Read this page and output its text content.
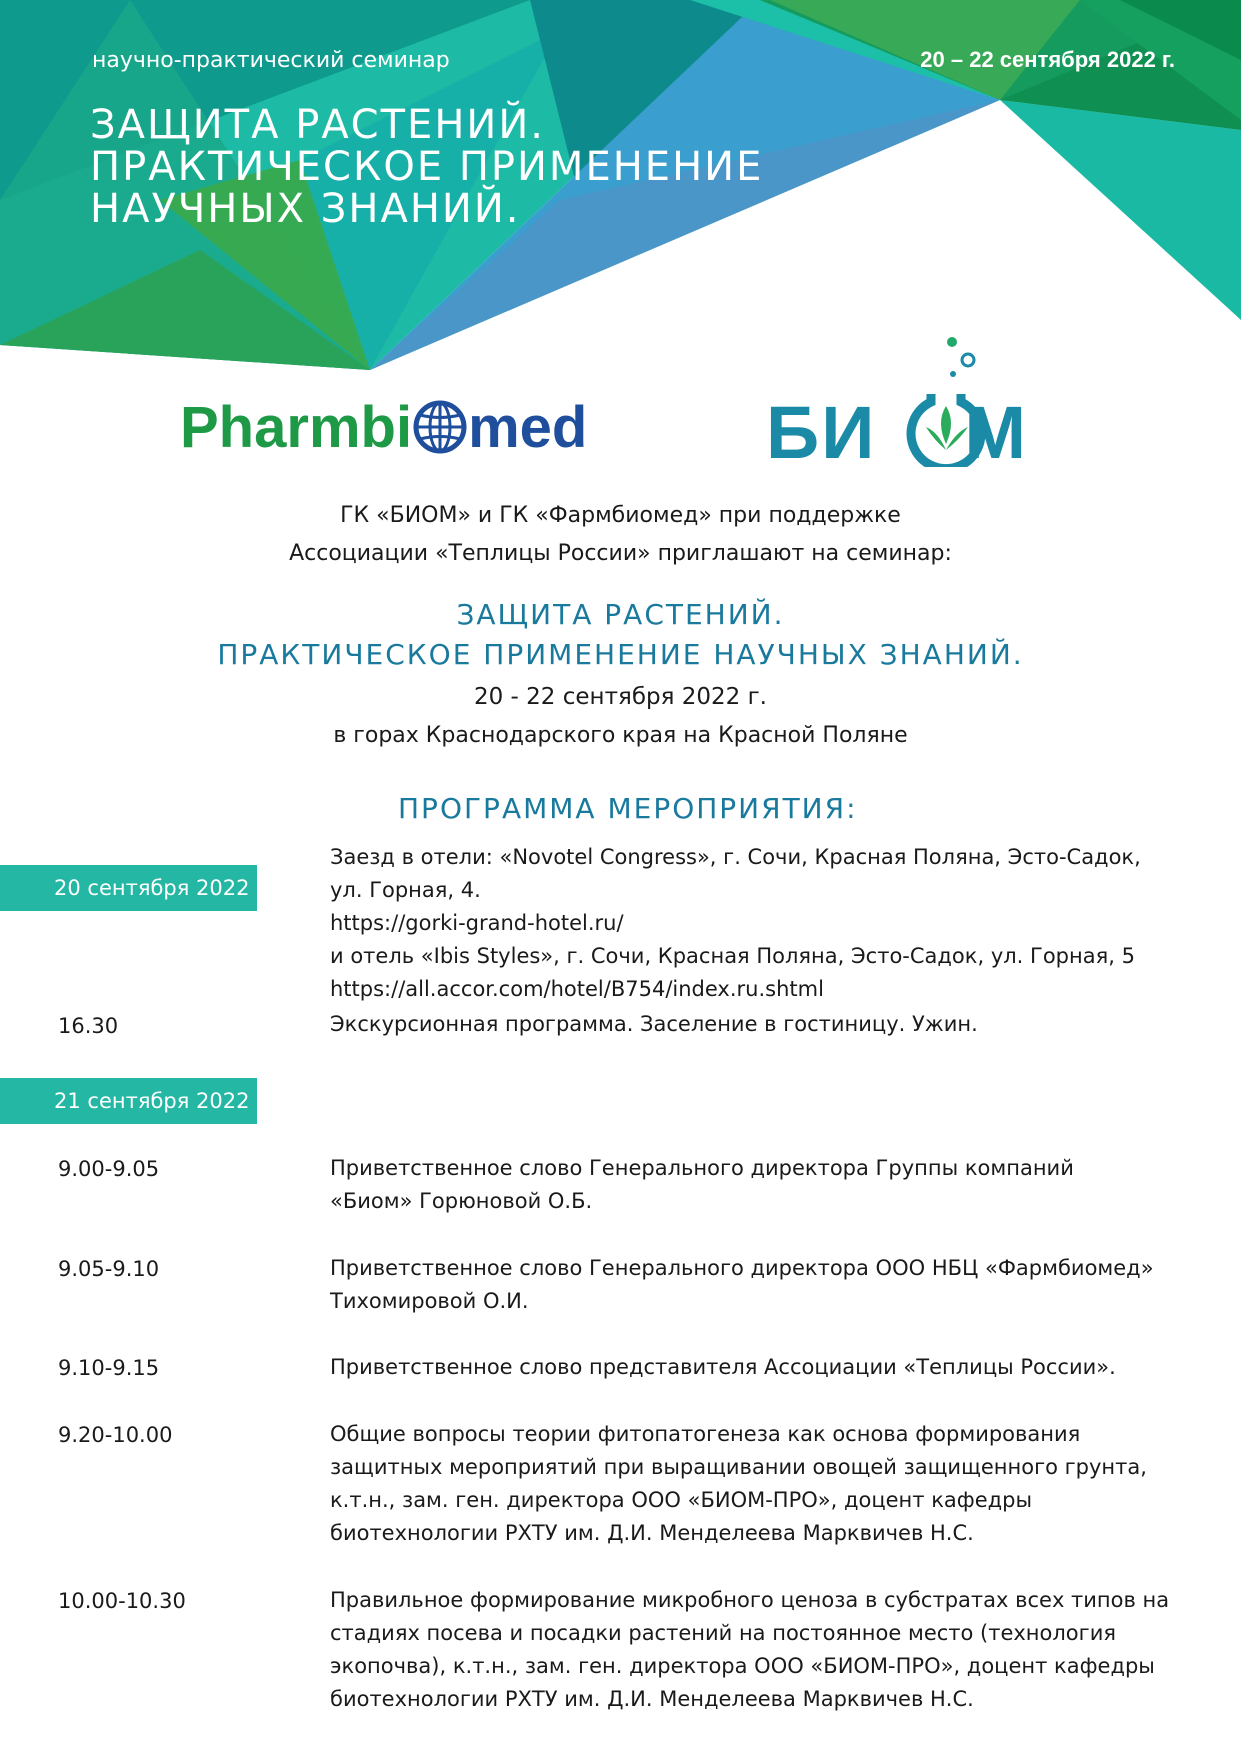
научно-практический семинар	20 – 22 сентября 2022 г.
ЗАЩИТА РАСТЕНИЙ.
ПРАКТИЧЕСКОЕ ПРИМЕНЕНИЕ
НАУЧНЫХ ЗНАНИЙ.
Pharmbi med БИ М
ГК «БИОМ» и ГК «Фармбиомед» при поддержке
Ассоциации «Теплицы России» приглашают на семинар:
ЗАЩИТА РАСТЕНИЙ.
ПРАКТИЧЕСКОЕ ПРИМЕНЕНИЕ НАУЧНЫХ ЗНАНИЙ.
20 - 22 сентября 2022 г.
в горах Краснодарского края на Красной Поляне
ПРОГРАММА МЕРОПРИЯТИЯ:
20 сентября 2022
Заезд в отели: «Novotel Congress», г. Сочи, Красная Поляна, Эсто-Садок,
ул. Горная, 4.
https://gorki-grand-hotel.ru/
и отель «Ibis Styles», г. Сочи, Красная Поляна, Эсто-Садок, ул. Горная, 5
https://all.accor.com/hotel/B754/index.ru.shtml
16.30	Экскурсионная программа. Заселение в гостиницу. Ужин.
21 сентября 2022
9.00-9.05	Приветственное слово Генерального директора Группы компаний
«Биом» Горюновой О.Б.
9.05-9.10	Приветственное слово Генерального директора ООО НБЦ «Фармбиомед»
Тихомировой О.И.
9.10-9.15	Приветственное слово представителя Ассоциации «Теплицы России».
9.20-10.00	Общие вопросы теории фитопатогенеза как основа формирования
защитных мероприятий при выращивании овощей защищенного грунта,
к.т.н., зам. ген. директора ООО «БИОМ-ПРО», доцент кафедры
биотехнологии РХТУ им. Д.И. Менделеева Марквичев Н.С.
10.00-10.30	Правильное формирование микробного ценоза в субстратах всех типов на
стадиях посева и посадки растений на постоянное место (технология
экопочва), к.т.н., зам. ген. директора ООО «БИОМ-ПРО», доцент кафедры
биотехнологии РХТУ им. Д.И. Менделеева Марквичев Н.С.
